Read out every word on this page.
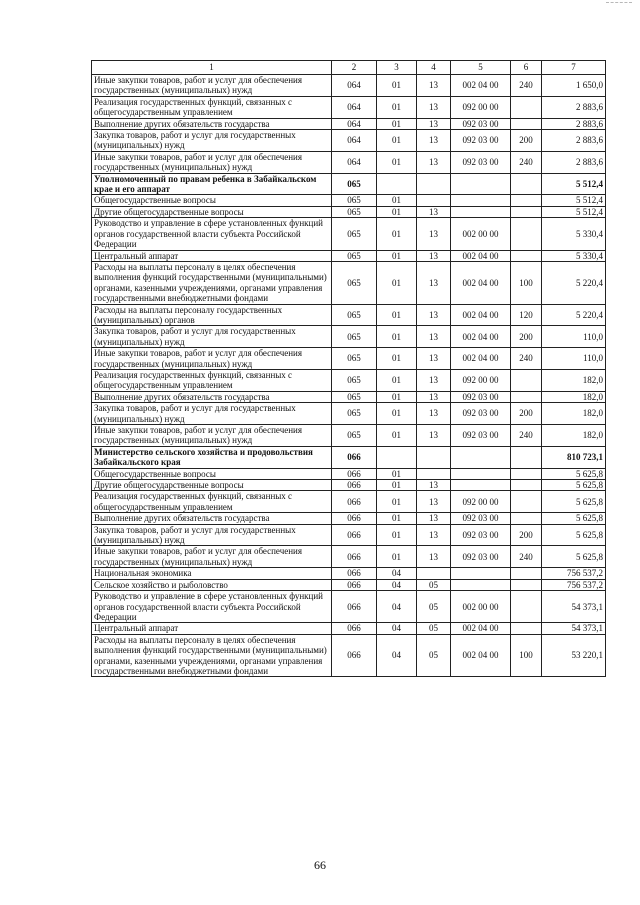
1	2	3	4	5	6	7
Иные закупки товаров, работ и услуг для обеспечения государственных (муниципальных) нужд	064	01	13	002 04 00	240	1 650,0
Реализация государственных функций, связанных с общегосударственным управлением	064	01	13	092 00 00		2 883,6
Выполнение других обязательств государства	064	01	13	092 03 00		2 883,6
Закупка товаров, работ и услуг для государственных (муниципальных) нужд	064	01	13	092 03 00	200	2 883,6
Иные закупки товаров, работ и услуг для обеспечения государственных (муниципальных) нужд	064	01	13	092 03 00	240	2 883,6
Уполномоченный по правам ребенка в Забайкальском крае и его аппарат	065					5 512,4
Общегосударственные вопросы	065	01				5 512,4
Другие общегосударственные вопросы	065	01	13			5 512,4
Руководство и управление в сфере установленных функций органов государственной власти субъекта Российской Федерации	065	01	13	002 00 00		5 330,4
Центральный аппарат	065	01	13	002 04 00		5 330,4
Расходы на выплаты персоналу в целях обеспечения выполнения функций государственными (муниципальными) органами, казенными учреждениями, органами управления государственными внебюджетными фондами	065	01	13	002 04 00	100	5 220,4
Расходы на выплаты персоналу государственных (муниципальных) органов	065	01	13	002 04 00	120	5 220,4
Закупка товаров, работ и услуг для государственных (муниципальных) нужд	065	01	13	002 04 00	200	110,0
Иные закупки товаров, работ и услуг для обеспечения государственных (муниципальных) нужд	065	01	13	002 04 00	240	110,0
Реализация государственных функций, связанных с общегосударственным управлением	065	01	13	092 00 00		182,0
Выполнение других обязательств государства	065	01	13	092 03 00		182,0
Закупка товаров, работ и услуг для государственных (муниципальных) нужд	065	01	13	092 03 00	200	182,0
Иные закупки товаров, работ и услуг для обеспечения государственных (муниципальных) нужд	065	01	13	092 03 00	240	182,0
Министерство сельского хозяйства и продовольствия Забайкальского края	066					810 723,1
Общегосударственные вопросы	066	01				5 625,8
Другие общегосударственные вопросы	066	01	13			5 625,8
Реализация государственных функций, связанных с общегосударственным управлением	066	01	13	092 00 00		5 625,8
Выполнение других обязательств государства	066	01	13	092 03 00		5 625,8
Закупка товаров, работ и услуг для государственных (муниципальных) нужд	066	01	13	092 03 00	200	5 625,8
Иные закупки товаров, работ и услуг для обеспечения государственных (муниципальных) нужд	066	01	13	092 03 00	240	5 625,8
Национальная экономика	066	04				756 537,2
Сельское хозяйство и рыболовство	066	04	05			756 537,2
Руководство и управление в сфере установленных функций органов государственной власти субъекта Российской Федерации	066	04	05	002 00 00		54 373,1
Центральный аппарат	066	04	05	002 04 00		54 373,1
Расходы на выплаты персоналу в целях обеспечения выполнения функций государственными (муниципальными) органами, казенными учреждениями, органами управления государственными внебюджетными фондами	066	04	05	002 04 00	100	53 220,1
66
